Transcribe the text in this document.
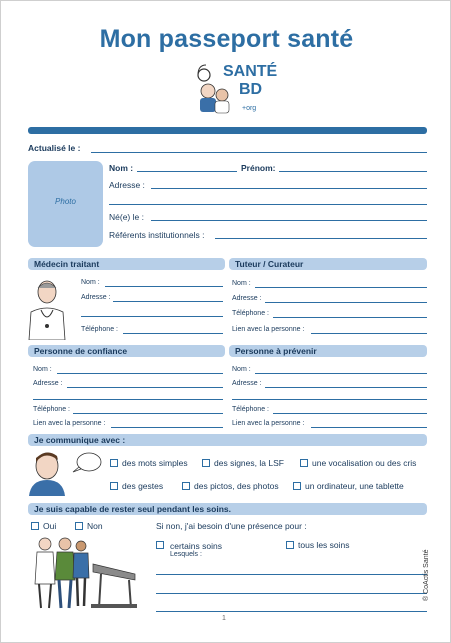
Mon passeport santé
SANTÉ
BD
+org
Actualisé le :
Photo
Nom :	Prénom:
Adresse :
Né(e) le :
Référents institutionnels :
Médecin traitant
Nom :
Adresse :
Téléphone :
Tuteur / Curateur
Nom :
Adresse :
Téléphone :
Lien avec la personne :
Personne de confiance
Nom :
Adresse :
Téléphone :
Lien avec la personne :
Personne à prévenir
Nom :
Adresse :
Téléphone :
Lien avec la personne :
Je communique avec :
des mots simples	des signes, la LSF	une vocalisation ou des cris
des gestes	des pictos, des photos	un ordinateur, une tablette
Je suis capable de rester seul pendant les soins.
Oui	Non	Si non, j'ai besoin d'une présence pour :
certains soins	tous les soins
Lesquels :
1
® CoActis Santé
